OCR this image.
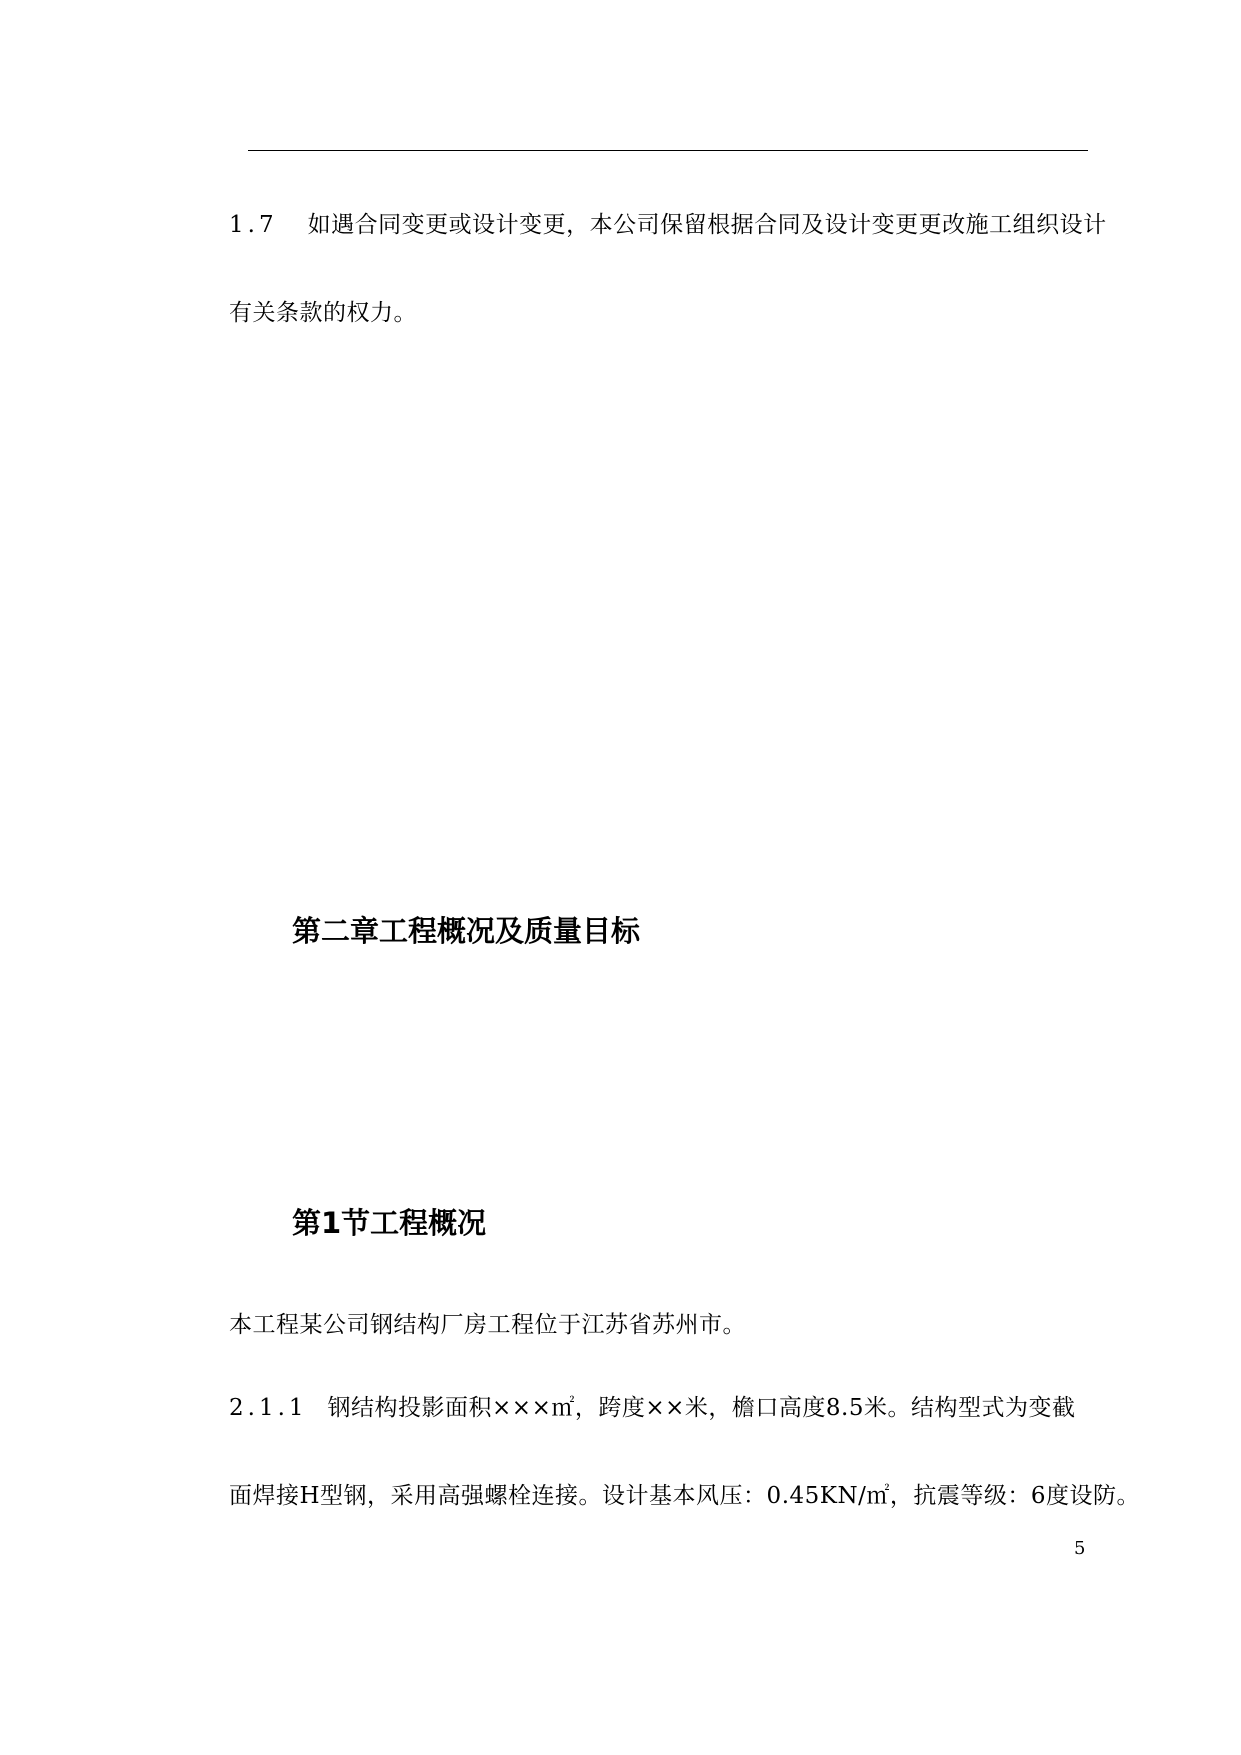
1.7 如遇合同变更或设计变更，本公司保留根据合同及设计变更更改施工组织设计
有关条款的权力。
第二章工程概况及质量目标
第1节工程概况
本工程某公司钢结构厂房工程位于江苏省苏州市。
2.1.1 钢结构投影面积×××㎡，跨度××米，檐口高度8.5米。结构型式为变截
面焊接H型钢，采用高强螺栓连接。设计基本风压：0.45KN/㎡，抗震等级：6度设防。
5
